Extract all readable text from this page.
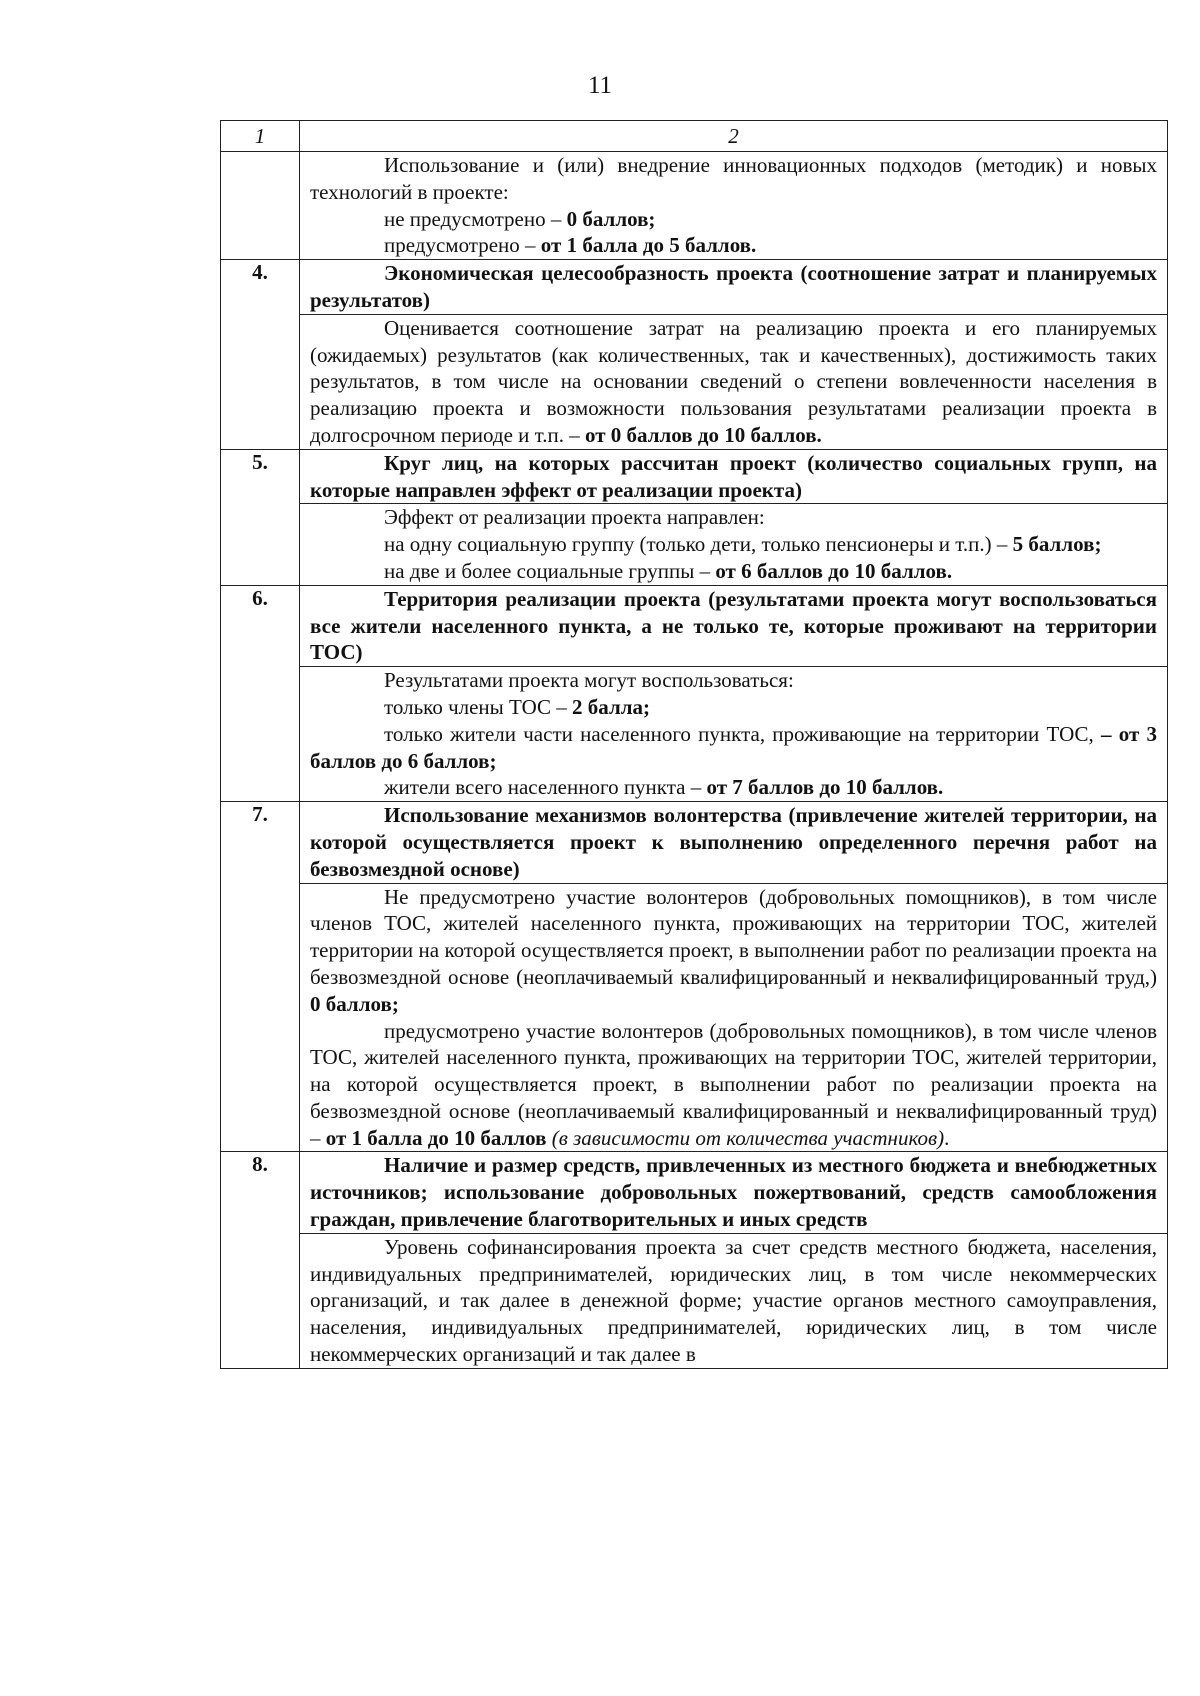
11
1	2

	Использование и (или) внедрение инновационных подходов (методик) и новых технологий в проекте:

не предусмотрено – 0 баллов;

предусмотрено – от 1 балла до 5 баллов.

4.	Экономическая целесообразность проекта (соотношение затрат и планируемых результатов)

	Оценивается соотношение затрат на реализацию проекта и его планируемых (ожидаемых) результатов (как количественных, так и качественных), достижимость таких результатов, в том числе на основании сведений о степени вовлеченности населения в реализацию проекта и возможности пользования результатами реализации проекта в долгосрочном периоде и т.п. – от 0 баллов до 10 баллов.

5.	Круг лиц, на которых рассчитан проект (количество социальных групп, на которые направлен эффект от реализации проекта)

	Эффект от реализации проекта направлен:

на одну социальную группу (только дети, только пенсионеры и т.п.) – 5 баллов;

на две и более социальные группы – от 6 баллов до 10 баллов.

6.	Территория реализации проекта (результатами проекта могут воспользоваться все жители населенного пункта, а не только те, которые проживают на территории ТОС)

	Результатами проекта могут воспользоваться:

только члены ТОС – 2 балла;

только жители части населенного пункта, проживающие на территории ТОС, – от 3 баллов до 6 баллов;

жители всего населенного пункта – от 7 баллов до 10 баллов.

7.	Использование механизмов волонтерства (привлечение жителей территории, на которой осуществляется проект к выполнению определенного перечня работ на безвозмездной основе)

	Не предусмотрено участие волонтеров (добровольных помощников), в том числе членов ТОС, жителей населенного пункта, проживающих на территории ТОС, жителей территории на которой осуществляется проект, в выполнении работ по реализации проекта на безвозмездной основе (неоплачиваемый квалифицированный и неквалифицированный труд,) 0 баллов;

предусмотрено участие волонтеров (добровольных помощников), в том числе членов ТОС, жителей населенного пункта, проживающих на территории ТОС, жителей территории, на которой осуществляется проект, в выполнении работ по реализации проекта на безвозмездной основе (неоплачиваемый квалифицированный и неквалифицированный труд) – от 1 балла до 10 баллов (в зависимости от количества участников).

8.	Наличие и размер средств, привлеченных из местного бюджета и внебюджетных источников; использование добровольных пожертвований, средств самообложения граждан, привлечение благотворительных и иных средств

	Уровень софинансирования проекта за счет средств местного бюджета, населения, индивидуальных предпринимателей, юридических лиц, в том числе некоммерческих организаций, и так далее в денежной форме; участие органов местного самоуправления, населения, индивидуальных предпринимателей, юридических лиц, в том числе некоммерческих организаций и так далее в
